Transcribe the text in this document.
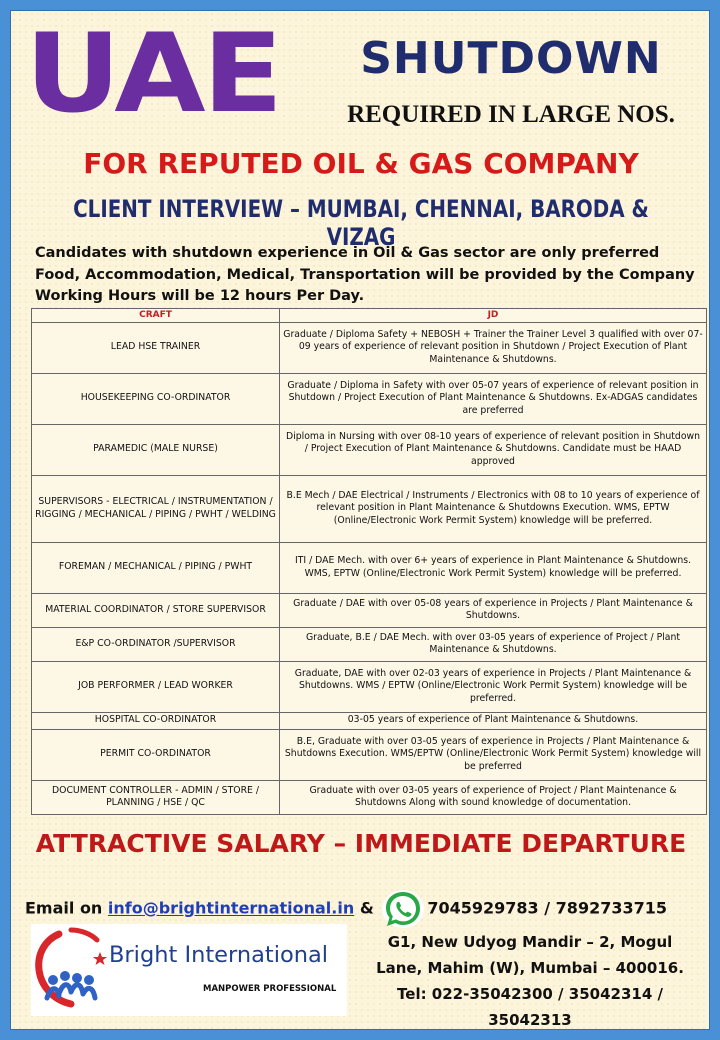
UAE	SHUTDOWN
REQUIRED IN LARGE NOS.
FOR REPUTED OIL & GAS COMPANY
CLIENT INTERVIEW – MUMBAI, CHENNAI, BARODA & VIZAG
Candidates with shutdown experience in Oil & Gas sector are only preferred
Food, Accommodation, Medical, Transportation will be provided by the Company
Working Hours will be 12 hours Per Day.
CRAFT	JD
LEAD HSE TRAINER	Graduate / Diploma Safety + NEBOSH + Trainer the Trainer Level 3 qualified with over 07-09 years of experience of relevant position in Shutdown / Project Execution of Plant Maintenance & Shutdowns.
HOUSEKEEPING CO-ORDINATOR	Graduate / Diploma in Safety with over 05-07 years of experience of relevant position in Shutdown / Project Execution of Plant Maintenance & Shutdowns. Ex-ADGAS candidates are preferred
PARAMEDIC (MALE NURSE)	Diploma in Nursing with over 08-10 years of experience of relevant position in Shutdown / Project Execution of Plant Maintenance & Shutdowns. Candidate must be HAAD approved
SUPERVISORS - ELECTRICAL / INSTRUMENTATION / RIGGING / MECHANICAL / PIPING / PWHT / WELDING	B.E Mech / DAE Electrical / Instruments / Electronics with 08 to 10 years of experience of relevant position in Plant Maintenance & Shutdowns Execution. WMS, EPTW (Online/Electronic Work Permit System) knowledge will be preferred.
FOREMAN / MECHANICAL / PIPING / PWHT	ITI / DAE Mech. with over 6+ years of experience in Plant Maintenance & Shutdowns. WMS, EPTW (Online/Electronic Work Permit System) knowledge will be preferred.
MATERIAL COORDINATOR / STORE SUPERVISOR	Graduate / DAE with over 05-08 years of experience in Projects / Plant Maintenance & Shutdowns.
E&P CO-ORDINATOR /SUPERVISOR	Graduate, B.E / DAE Mech. with over 03-05 years of experience of Project / Plant Maintenance & Shutdowns.
JOB PERFORMER / LEAD WORKER	Graduate, DAE with over 02-03 years of experience in Projects / Plant Maintenance & Shutdowns. WMS / EPTW (Online/Electronic Work Permit System) knowledge will be preferred.
HOSPITAL CO-ORDINATOR	03-05 years of experience of Plant Maintenance & Shutdowns.
PERMIT CO-ORDINATOR	B.E, Graduate with over 03-05 years of experience in Projects / Plant Maintenance & Shutdowns Execution. WMS/EPTW (Online/Electronic Work Permit System) knowledge will be preferred
DOCUMENT CONTROLLER - ADMIN / STORE / PLANNING / HSE / QC	Graduate with over 03-05 years of experience of Project / Plant Maintenance & Shutdowns Along with sound knowledge of documentation.
ATTRACTIVE SALARY – IMMEDIATE DEPARTURE
Email on info@brightinternational.in &	7045929783 / 7892733715
Bright International
MANPOWER PROFESSIONAL
G1, New Udyog Mandir – 2, Mogul
Lane, Mahim (W), Mumbai – 400016.
Tel: 022-35042300 / 35042314 / 35042313
